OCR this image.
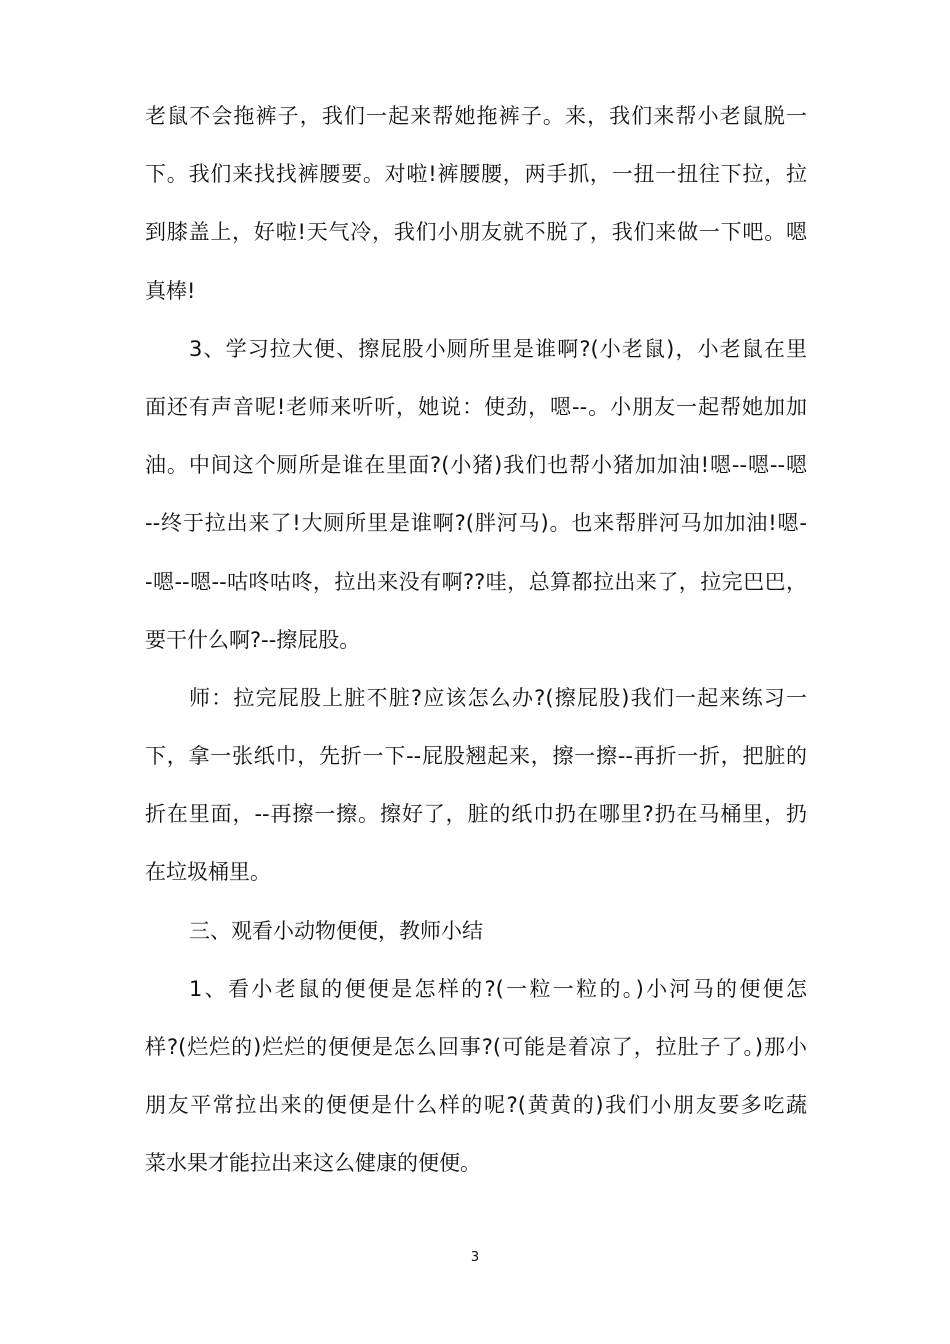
老鼠不会拖裤子，我们一起来帮她拖裤子。来，我们来帮小老鼠脱一
下。我们来找找裤腰要。对啦!裤腰腰，两手抓，一扭一扭往下拉，拉
到膝盖上，好啦!天气冷，我们小朋友就不脱了，我们来做一下吧。嗯
真棒!
3、学习拉大便、擦屁股小厕所里是谁啊?(小老鼠)，小老鼠在里
面还有声音呢!老师来听听，她说：使劲，嗯--。小朋友一起帮她加加
油。中间这个厕所是谁在里面?(小猪)我们也帮小猪加加油!嗯--嗯--嗯
--终于拉出来了!大厕所里是谁啊?(胖河马)。也来帮胖河马加加油!嗯-
-嗯--嗯--咕咚咕咚，拉出来没有啊??哇，总算都拉出来了，拉完巴巴，
要干什么啊?--擦屁股。
师：拉完屁股上脏不脏?应该怎么办?(擦屁股)我们一起来练习一
下，拿一张纸巾，先折一下--屁股翘起来，擦一擦--再折一折，把脏的
折在里面，--再擦一擦。擦好了，脏的纸巾扔在哪里?扔在马桶里，扔
在垃圾桶里。
三、观看小动物便便，教师小结
1、看小老鼠的便便是怎样的?(一粒一粒的。)小河马的便便怎
样?(烂烂的)烂烂的便便是怎么回事?(可能是着凉了，拉肚子了。)那小
朋友平常拉出来的便便是什么样的呢?(黄黄的)我们小朋友要多吃蔬
菜水果才能拉出来这么健康的便便。
3
